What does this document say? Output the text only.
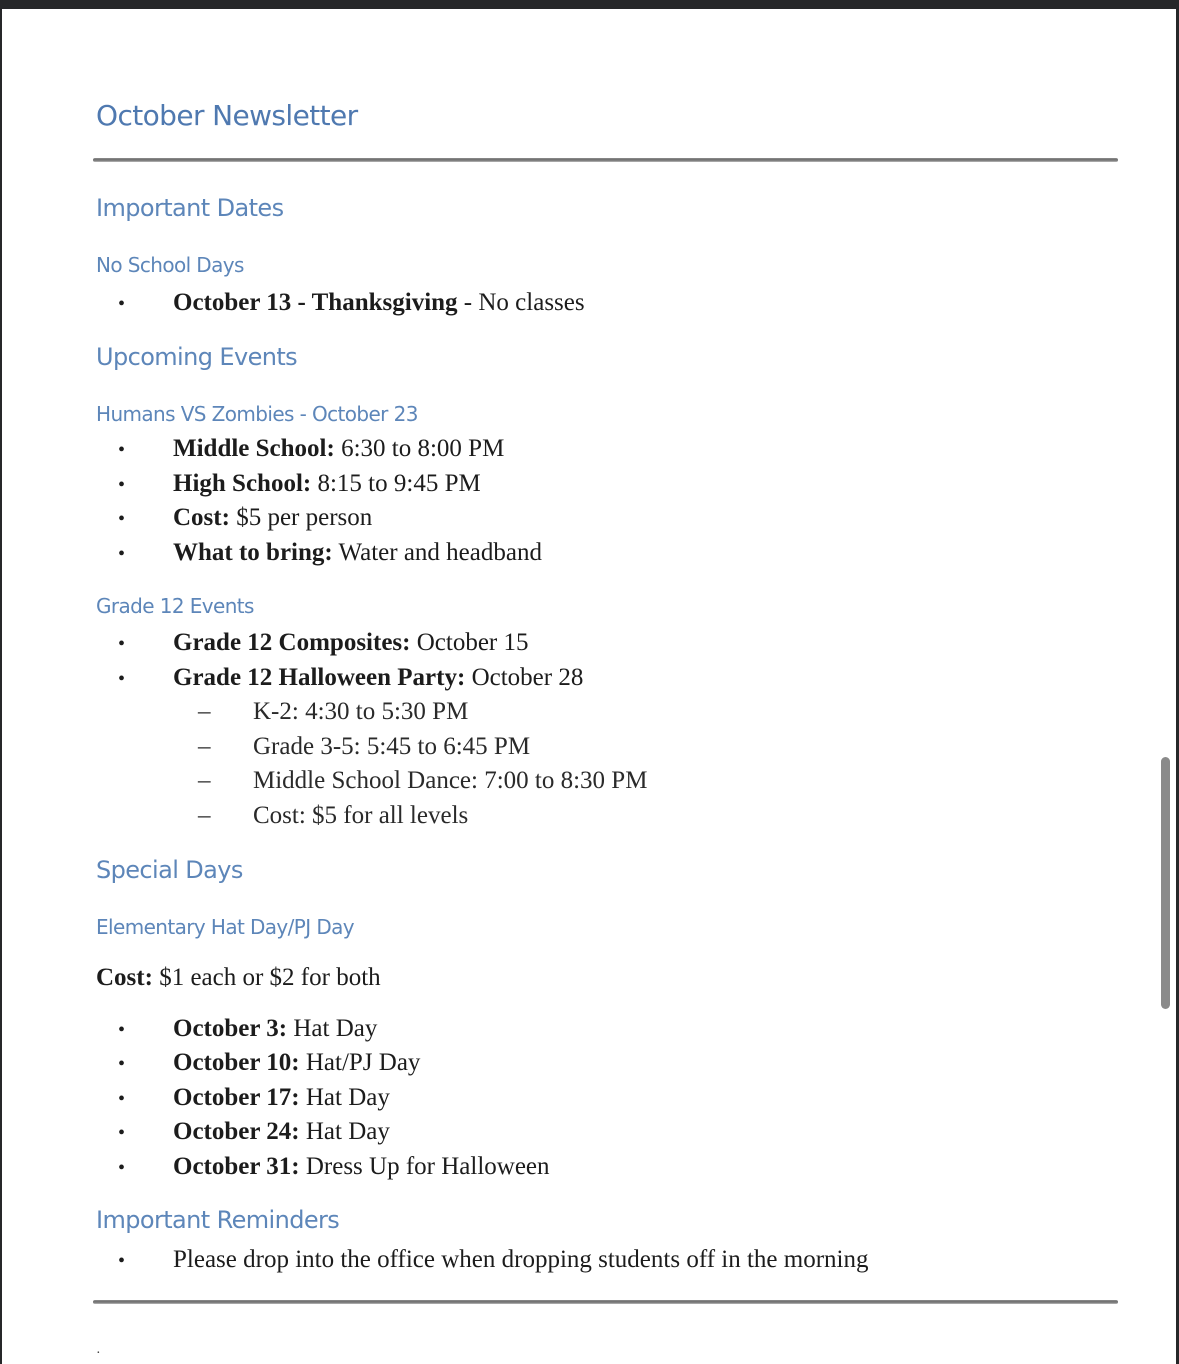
October Newsletter
Important Dates
No School Days
• October 13 - Thanksgiving - No classes
Upcoming Events
Humans VS Zombies - October 23
• Middle School: 6:30 to 8:00 PM
• High School: 8:15 to 9:45 PM
• Cost: $5 per person
• What to bring: Water and headband
Grade 12 Events
• Grade 12 Composites: October 15
• Grade 12 Halloween Party: October 28
– K-2: 4:30 to 5:30 PM
– Grade 3-5: 5:45 to 6:45 PM
– Middle School Dance: 7:00 to 8:30 PM
– Cost: $5 for all levels
Special Days
Elementary Hat Day/PJ Day
Cost: $1 each or $2 for both
• October 3: Hat Day
• October 10: Hat/PJ Day
• October 17: Hat Day
• October 24: Hat Day
• October 31: Dress Up for Halloween
Important Reminders
• Please drop into the office when dropping students off in the morning
·
